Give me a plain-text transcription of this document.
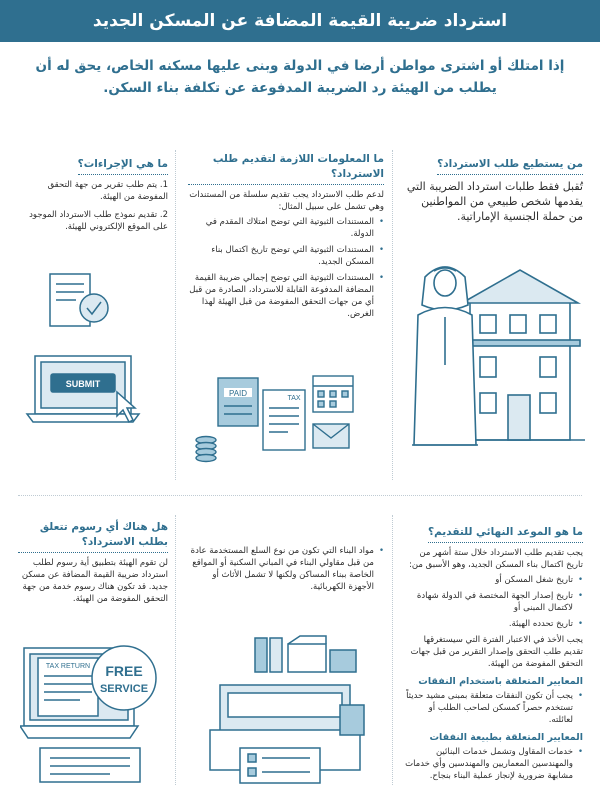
استرداد ضريبة القيمة المضافة عن المسكن الجديد
إذا امتلك أو اشترى مواطن أرضا في الدولة وبنى عليها مسكنه الخاص، يحق له أن
يطلب من الهيئة رد الضريبة المدفوعة عن تكلفة بناء السكن.
من يستطيع طلب الاسترداد؟
تُقبل فقط طلبات استرداد الضريبة التي يقدمها شخص طبيعي من المواطنين من حملة الجنسية الإماراتية.
ما المعلومات اللازمة لتقديم طلب الاسترداد؟
لدعم طلب الاسترداد يجب تقديم سلسلة من المستندات وهي تشمل على سبيل المثال:
• المستندات الثبوتية التي توضح امتلاك المقدم في الدولة.
• المستندات الثبوتية التي توضح تاريخ اكتمال بناء المسكن الجديد.
• المستندات الثبوتية التي توضح إجمالي ضريبة القيمة المضافة المدفوعة القابلة للاسترداد، الصادرة من قبل أي من جهات التحقق المفوضة من قبل الهيئة لهذا الغرض.
PAID
TAX
ما هي الإجراءات؟
1. يتم طلب تقرير من جهة التحقق المفوضة من الهيئة.
2. تقديم نموذج طلب الاسترداد الموجود على الموقع الإلكتروني للهيئة.
SUBMIT
ما هو الموعد النهائي للتقديم؟
يجب تقديم طلب الاسترداد خلال ستة أشهر من تاريخ اكتمال بناء المسكن الجديد، وهو الأسبق من:
• تاريخ شغل المسكن أو
• تاريخ إصدار الجهة المختصة في الدولة شهادة لاكتمال المبنى أو
• تاريخ تحدده الهيئة.
يجب الأخذ في الاعتبار الفترة التي سيستغرقها تقديم طلب التحقق وإصدار التقرير من قبل جهات التحقق المفوضة من الهيئة.
المعايير المتعلقة باستخدام النفقات
• يجب أن تكون النفقات متعلقة بمبنى مشيد حديثاً تستخدم حصراً كمسكن لصاحب الطلب أو لعائلته.
المعايير المتعلقة بطبيعة النفقات
• خدمات المقاول وتشمل خدمات البنائين والمهندسين المعماريين والمهندسين وأي خدمات مشابهة ضرورية لإنجاز عملية البناء بنجاح.
• مواد البناء التي تكون من نوع السلع المستخدمة عادة من قبل مقاولي البناء في المباني السكنية أو المواقع الخاصة ببناء المساكن ولكنها لا تشمل الأثاث أو الأجهزة الكهربائية.
هل هناك أي رسوم تتعلق بطلب الاسترداد؟
لن تقوم الهيئة بتطبيق أية رسوم لطلب استرداد ضريبة القيمة المضافة عن مسكن جديد. قد تكون هناك رسوم خدمة من جهة التحقق المفوضة من الهيئة.
TAX RETURN FREE
SERVICE
